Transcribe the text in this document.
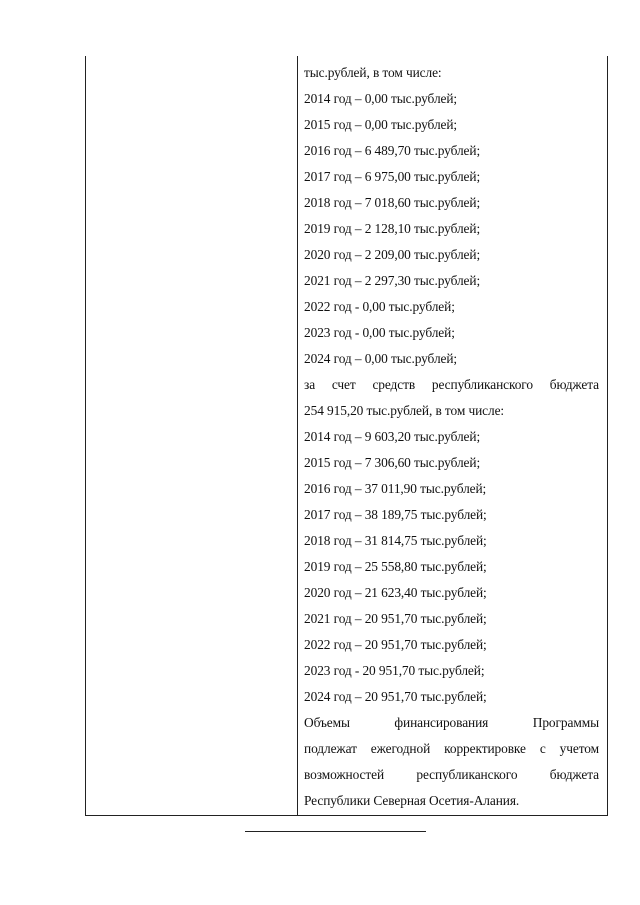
тыс.рублей, в том числе:
2014 год – 0,00 тыс.рублей;
2015 год – 0,00 тыс.рублей;
2016 год – 6 489,70 тыс.рублей;
2017 год – 6 975,00 тыс.рублей;
2018 год – 7 018,60 тыс.рублей;
2019 год – 2 128,10 тыс.рублей;
2020 год – 2 209,00 тыс.рублей;
2021 год – 2 297,30 тыс.рублей;
2022 год - 0,00 тыс.рублей;
2023 год - 0,00 тыс.рублей;
2024 год – 0,00 тыс.рублей;
за счет средств республиканского бюджета
254 915,20 тыс.рублей, в том числе:
2014 год – 9 603,20 тыс.рублей;
2015 год – 7 306,60 тыс.рублей;
2016 год – 37 011,90 тыс.рублей;
2017 год – 38 189,75 тыс.рублей;
2018 год – 31 814,75 тыс.рублей;
2019 год – 25 558,80 тыс.рублей;
2020 год – 21 623,40 тыс.рублей;
2021 год – 20 951,70 тыс.рублей;
2022 год – 20 951,70 тыс.рублей;
2023 год - 20 951,70 тыс.рублей;
2024 год – 20 951,70 тыс.рублей;
Объемы финансирования Программы
подлежат ежегодной корректировке с учетом
возможностей республиканского бюджета
Республики Северная Осетия-Алания.
